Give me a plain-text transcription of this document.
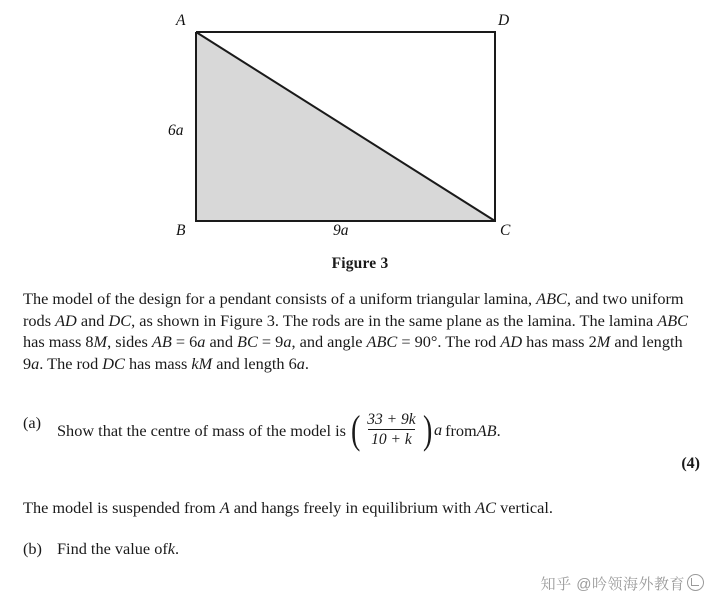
A	D
B	C
6a
9a
Figure 3
The model of the design for a pendant consists of a uniform triangular lamina, ABC, and two uniform rods AD and DC, as shown in Figure 3. The rods are in the same plane as the lamina. The lamina ABC has mass 8M, sides AB = 6a and BC = 9a, and angle ABC = 90°. The rod AD has mass 2M and length 9a. The rod DC has mass kM and length 6a.
(a) Show that the centre of mass of the model is ( $\frac{33 + 9k}{10 + k}$ ) a from AB .
(4)
The model is suspended from A and hangs freely in equilibrium with AC vertical.
(b) Find the value of k .
知乎 @吟领海外教育
